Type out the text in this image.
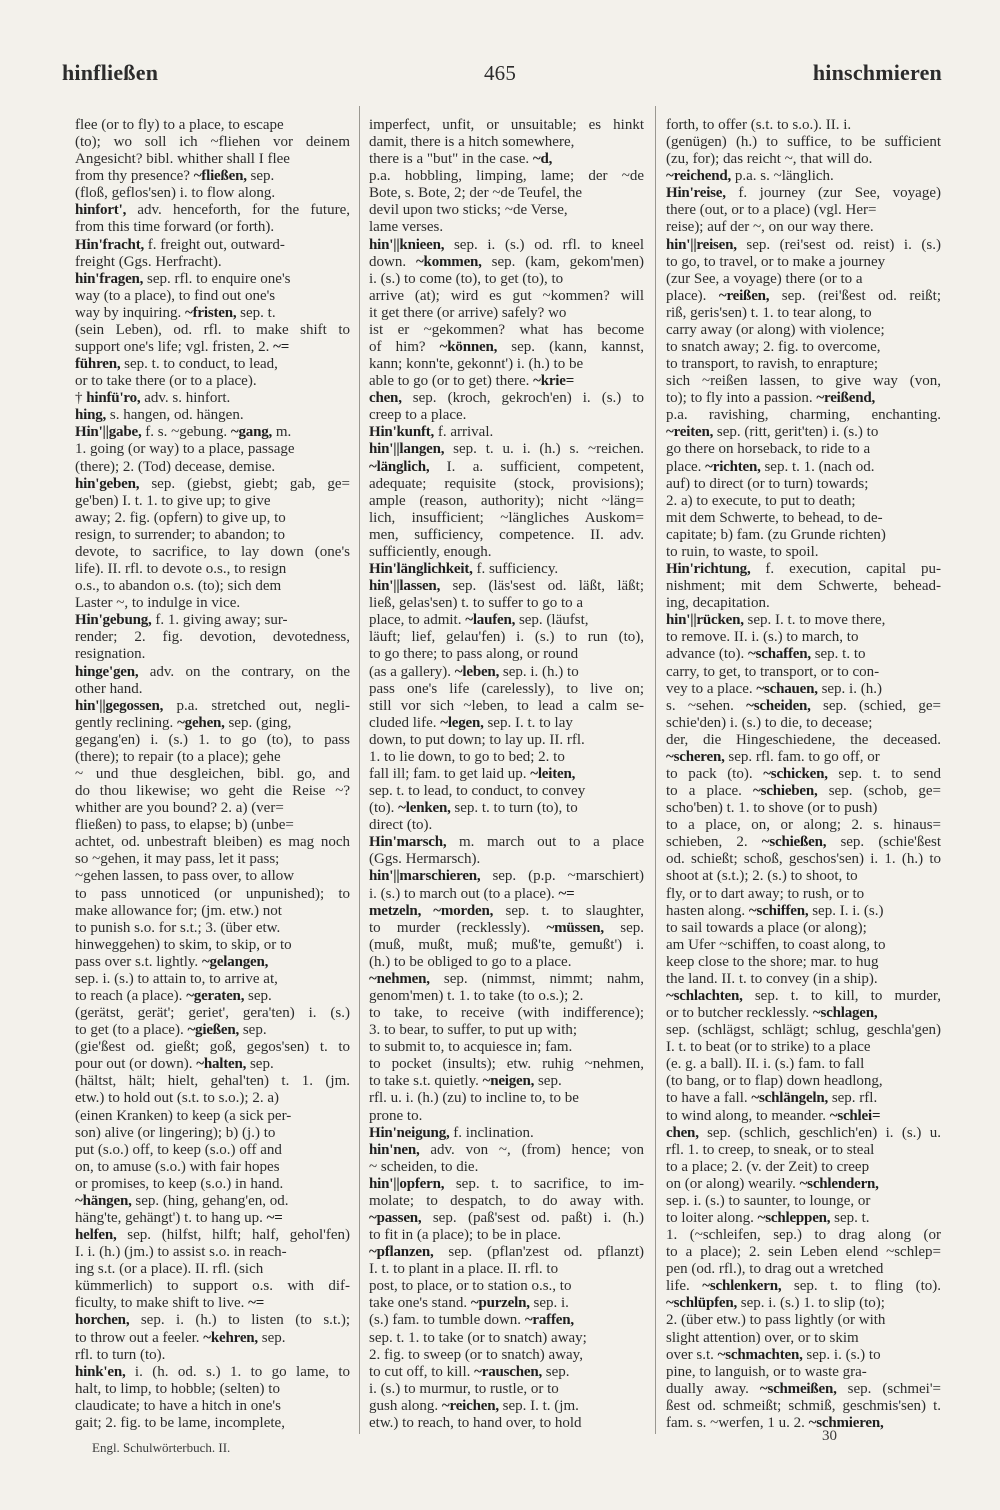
hinfließen	465	hinschmieren
flee (or to fly) to a place, to escape
(to); wo soll ich ~fliehen vor deinem
Angesicht? bibl. whither shall I flee
from thy presence? ~fließen, sep.
(floß, geflos'sen) i. to flow along.
hinfort', adv. henceforth, for the future,
from this time forward (or forth).
Hin'fracht, f. freight out, outward-
freight (Ggs. Herfracht).
hin'fragen, sep. rfl. to enquire one's
way (to a place), to find out one's
way by inquiring. ~fristen, sep. t.
(sein Leben), od. rfl. to make shift to
support one's life; vgl. fristen, 2. ~=
führen, sep. t. to conduct, to lead,
or to take there (or to a place).
† hinfü'ro, adv. s. hinfort.
hing, s. hangen, od. hängen.
Hin'||gabe, f. s. ~gebung. ~gang, m.
1. going (or way) to a place, passage
(there); 2. (Tod) decease, demise.
hin'geben, sep. (giebst, giebt; gab, ge=
ge'ben) I. t. 1. to give up; to give
away; 2. fig. (opfern) to give up, to
resign, to surrender; to abandon; to
devote, to sacrifice, to lay down (one's
life). II. rfl. to devote o.s., to resign
o.s., to abandon o.s. (to); sich dem
Laster ~, to indulge in vice.
Hin'gebung, f. 1. giving away; sur-
render; 2. fig. devotion, devotedness,
resignation.
hinge'gen, adv. on the contrary, on the
other hand.
hin'||gegossen, p.a. stretched out, negli-
gently reclining. ~gehen, sep. (ging,
gegang'en) i. (s.) 1. to go (to), to pass
(there); to repair (to a place); gehe
~ und thue desgleichen, bibl. go, and
do thou likewise; wo geht die Reise ~?
whither are you bound? 2. a) (ver=
fließen) to pass, to elapse; b) (unbe=
achtet, od. unbestraft bleiben) es mag noch
so ~gehen, it may pass, let it pass;
~gehen lassen, to pass over, to allow
to pass unnoticed (or unpunished); to
make allowance for; (jm. etw.) not
to punish s.o. for s.t.; 3. (über etw.
hinweggehen) to skim, to skip, or to
pass over s.t. lightly. ~gelangen,
sep. i. (s.) to attain to, to arrive at,
to reach (a place). ~geraten, sep.
(gerätst, gerät'; geriet', gera'ten) i. (s.)
to get (to a place). ~gießen, sep.
(gie'ßest od. gießt; goß, gegos'sen) t. to
pour out (or down). ~halten, sep.
(hältst, hält; hielt, gehal'ten) t. 1. (jm.
etw.) to hold out (s.t. to s.o.); 2. a)
(einen Kranken) to keep (a sick per-
son) alive (or lingering); b) (j.) to
put (s.o.) off, to keep (s.o.) off and
on, to amuse (s.o.) with fair hopes
or promises, to keep (s.o.) in hand.
~hängen, sep. (hing, gehang'en, od.
häng'te, gehängt') t. to hang up. ~=
helfen, sep. (hilfst, hilft; half, gehol'fen)
I. i. (h.) (jm.) to assist s.o. in reach-
ing s.t. (or a place). II. rfl. (sich
kümmerlich) to support o.s. with dif-
ficulty, to make shift to live. ~=
horchen, sep. i. (h.) to listen (to s.t.);
to throw out a feeler. ~kehren, sep.
rfl. to turn (to).
hink'en, i. (h. od. s.) 1. to go lame, to
halt, to limp, to hobble; (selten) to
claudicate; to have a hitch in one's
gait; 2. fig. to be lame, incomplete,
imperfect, unfit, or unsuitable; es hinkt
damit, there is a hitch somewhere,
there is a "but" in the case. ~d,
p.a. hobbling, limping, lame; der ~de
Bote, s. Bote, 2; der ~de Teufel, the
devil upon two sticks; ~de Verse,
lame verses.
hin'||knieen, sep. i. (s.) od. rfl. to kneel
down. ~kommen, sep. (kam, gekom'men)
i. (s.) to come (to), to get (to), to
arrive (at); wird es gut ~kommen? will
it get there (or arrive) safely? wo
ist er ~gekommen? what has become
of him? ~können, sep. (kann, kannst,
kann; konn'te, gekonnt') i. (h.) to be
able to go (or to get) there. ~krie=
chen, sep. (kroch, gekroch'en) i. (s.) to
creep to a place.
Hin'kunft, f. arrival.
hin'||langen, sep. t. u. i. (h.) s. ~reichen.
~länglich, I. a. sufficient, competent,
adequate; requisite (stock, provisions);
ample (reason, authority); nicht ~läng=
lich, insufficient; ~längliches Auskom=
men, sufficiency, competence. II. adv.
sufficiently, enough.
Hin'länglichkeit, f. sufficiency.
hin'||lassen, sep. (läs'sest od. läßt, läßt;
ließ, gelas'sen) t. to suffer to go to a
place, to admit. ~laufen, sep. (läufst,
läuft; lief, gelau'fen) i. (s.) to run (to),
to go there; to pass along, or round
(as a gallery). ~leben, sep. i. (h.) to
pass one's life (carelessly), to live on;
still vor sich ~leben, to lead a calm se-
cluded life. ~legen, sep. I. t. to lay
down, to put down; to lay up. II. rfl.
1. to lie down, to go to bed; 2. to
fall ill; fam. to get laid up. ~leiten,
sep. t. to lead, to conduct, to convey
(to). ~lenken, sep. t. to turn (to), to
direct (to).
Hin'marsch, m. march out to a place
(Ggs. Hermarsch).
hin'||marschieren, sep. (p.p. ~marschiert)
i. (s.) to march out (to a place). ~=
metzeln, ~morden, sep. t. to slaughter,
to murder (recklessly). ~müssen, sep.
(muß, mußt, muß; muß'te, gemußt') i.
(h.) to be obliged to go to a place.
~nehmen, sep. (nimmst, nimmt; nahm,
genom'men) t. 1. to take (to o.s.); 2.
to take, to receive (with indifference);
3. to bear, to suffer, to put up with;
to submit to, to acquiesce in; fam.
to pocket (insults); etw. ruhig ~nehmen,
to take s.t. quietly. ~neigen, sep.
rfl. u. i. (h.) (zu) to incline to, to be
prone to.
Hin'neigung, f. inclination.
hin'nen, adv. von ~, (from) hence; von
~ scheiden, to die.
hin'||opfern, sep. t. to sacrifice, to im-
molate; to despatch, to do away with.
~passen, sep. (paß'sest od. paßt) i. (h.)
to fit in (a place); to be in place.
~pflanzen, sep. (pflan'zest od. pflanzt)
I. t. to plant in a place. II. rfl. to
post, to place, or to station o.s., to
take one's stand. ~purzeln, sep. i.
(s.) fam. to tumble down. ~raffen,
sep. t. 1. to take (or to snatch) away;
2. fig. to sweep (or to snatch) away,
to cut off, to kill. ~rauschen, sep.
i. (s.) to murmur, to rustle, or to
gush along. ~reichen, sep. I. t. (jm.
etw.) to reach, to hand over, to hold
forth, to offer (s.t. to s.o.). II. i.
(genügen) (h.) to suffice, to be sufficient
(zu, for); das reicht ~, that will do.
~reichend, p.a. s. ~länglich.
Hin'reise, f. journey (zur See, voyage)
there (out, or to a place) (vgl. Her=
reise); auf der ~, on our way there.
hin'||reisen, sep. (rei'sest od. reist) i. (s.)
to go, to travel, or to make a journey
(zur See, a voyage) there (or to a
place). ~reißen, sep. (rei'ßest od. reißt;
riß, geris'sen) t. 1. to tear along, to
carry away (or along) with violence;
to snatch away; 2. fig. to overcome,
to transport, to ravish, to enrapture;
sich ~reißen lassen, to give way (von,
to); to fly into a passion. ~reißend,
p.a. ravishing, charming, enchanting.
~reiten, sep. (ritt, gerit'ten) i. (s.) to
go there on horseback, to ride to a
place. ~richten, sep. t. 1. (nach od.
auf) to direct (or to turn) towards;
2. a) to execute, to put to death;
mit dem Schwerte, to behead, to de-
capitate; b) fam. (zu Grunde richten)
to ruin, to waste, to spoil.
Hin'richtung, f. execution, capital pu-
nishment; mit dem Schwerte, behead-
ing, decapitation.
hin'||rücken, sep. I. t. to move there,
to remove. II. i. (s.) to march, to
advance (to). ~schaffen, sep. t. to
carry, to get, to transport, or to con-
vey to a place. ~schauen, sep. i. (h.)
s. ~sehen. ~scheiden, sep. (schied, ge=
schie'den) i. (s.) to die, to decease;
der, die Hingeschiedene, the deceased.
~scheren, sep. rfl. fam. to go off, or
to pack (to). ~schicken, sep. t. to send
to a place. ~schieben, sep. (schob, ge=
scho'ben) t. 1. to shove (or to push)
to a place, on, or along; 2. s. hinaus=
schieben, 2. ~schießen, sep. (schie'ßest
od. schießt; schoß, geschos'sen) i. 1. (h.) to
shoot at (s.t.); 2. (s.) to shoot, to
fly, or to dart away; to rush, or to
hasten along. ~schiffen, sep. I. i. (s.)
to sail towards a place (or along);
am Ufer ~schiffen, to coast along, to
keep close to the shore; mar. to hug
the land. II. t. to convey (in a ship).
~schlachten, sep. t. to kill, to murder,
or to butcher recklessly. ~schlagen,
sep. (schlägst, schlägt; schlug, geschla'gen)
I. t. to beat (or to strike) to a place
(e. g. a ball). II. i. (s.) fam. to fall
(to bang, or to flap) down headlong,
to have a fall. ~schlängeln, sep. rfl.
to wind along, to meander. ~schlei=
chen, sep. (schlich, geschlich'en) i. (s.) u.
rfl. 1. to creep, to sneak, or to steal
to a place; 2. (v. der Zeit) to creep
on (or along) wearily. ~schlendern,
sep. i. (s.) to saunter, to lounge, or
to loiter along. ~schleppen, sep. t.
1. (~schleifen, sep.) to drag along (or
to a place); 2. sein Leben elend ~schlep=
pen (od. rfl.), to drag out a wretched
life. ~schlenkern, sep. t. to fling (to).
~schlüpfen, sep. i. (s.) 1. to slip (to);
2. (über etw.) to pass lightly (or with
slight attention) over, or to skim
over s.t. ~schmachten, sep. i. (s.) to
pine, to languish, or to waste gra-
dually away. ~schmeißen, sep. (schmei'=
ßest od. schmeißt; schmiß, geschmis'sen) t.
fam. s. ~werfen, 1 u. 2. ~schmieren,
Engl. Schulwörterbuch. II.
30
